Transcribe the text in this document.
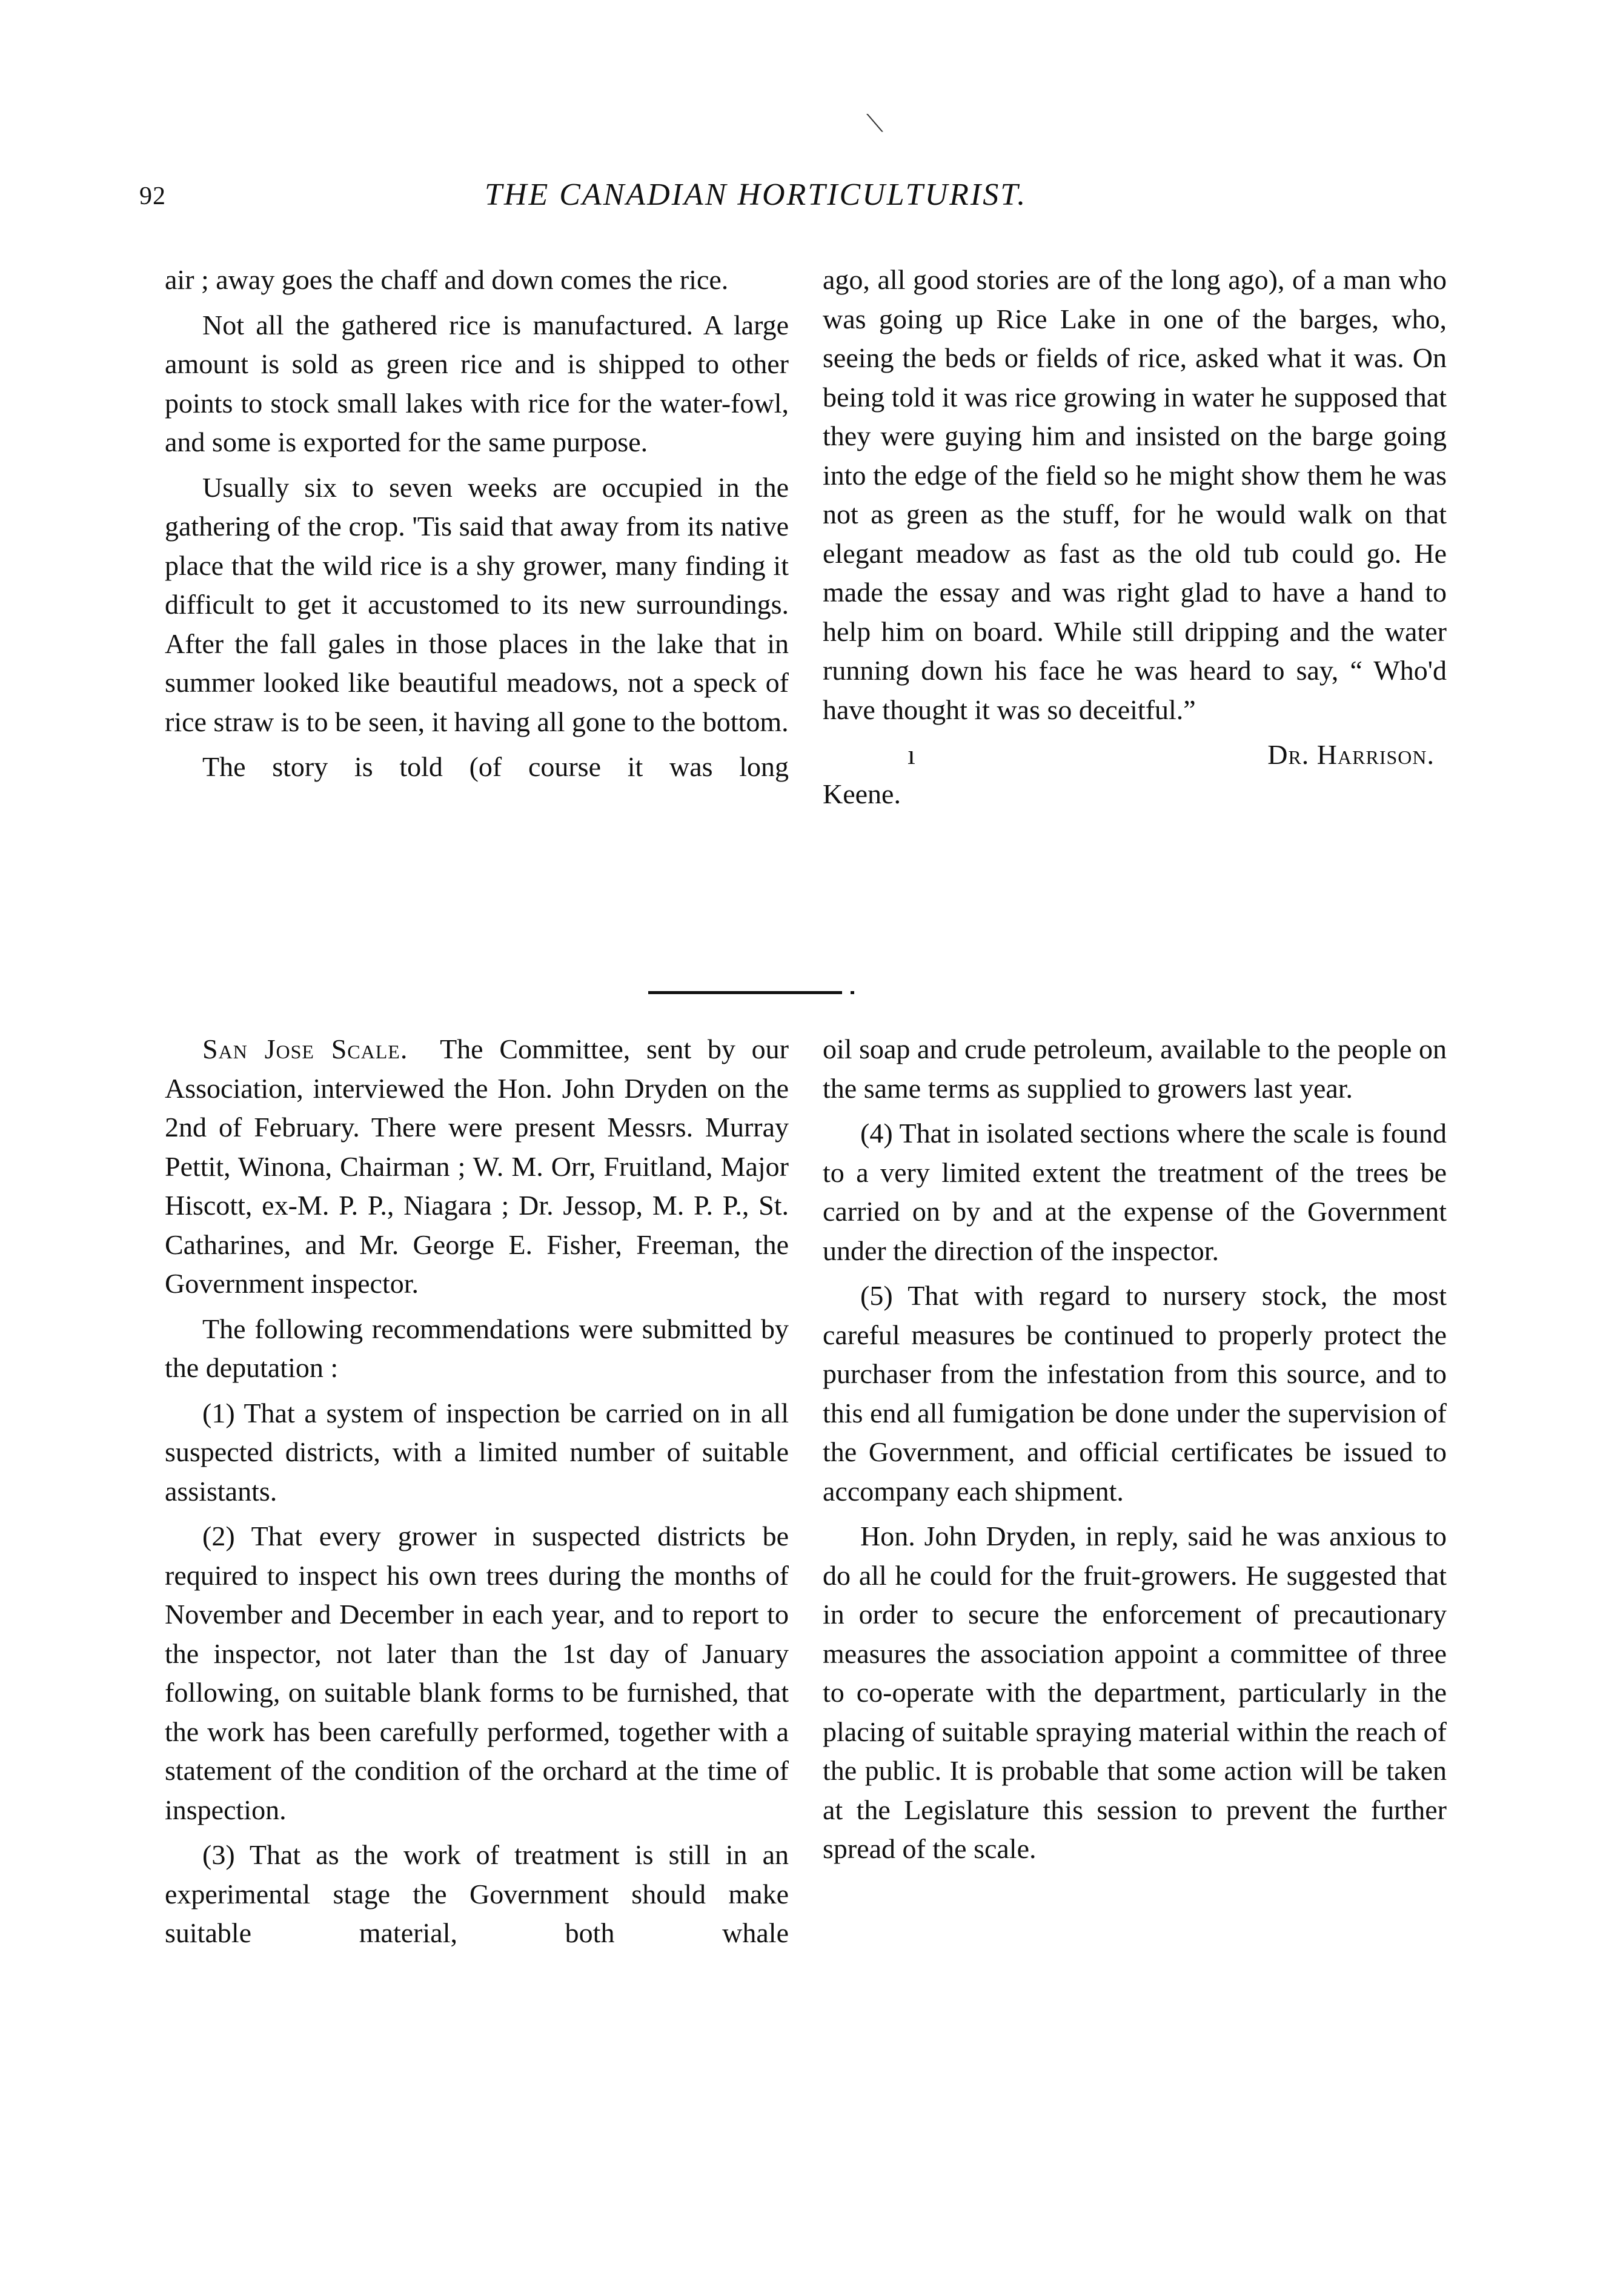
92	THE CANADIAN HORTICULTURIST.
⟍

air ; away goes the chaff and down comes the rice.

Not all the gathered rice is manufactured. A large amount is sold as green rice and is shipped to other points to stock small lakes with rice for the water-fowl, and some is exported for the same purpose.

Usually six to seven weeks are occupied in the gathering of the crop. 'Tis said that away from its native place that the wild rice is a shy grower, many finding it difficult to get it accustomed to its new surroundings. After the fall gales in those places in the lake that in summer looked like beautiful meadows, not a speck of rice straw is to be seen, it having all gone to the bottom.

The story is told (of course it was long

ago, all good stories are of the long ago), of a man who was going up Rice Lake in one of the barges, who, seeing the beds or fields of rice, asked what it was. On being told it was rice growing in water he supposed that they were guying him and insisted on the barge going into the edge of the field so he might show them he was not as green as the stuff, for he would walk on that elegant meadow as fast as the old tub could go. He made the essay and was right glad to have a hand to help him on board. While still dripping and the water running down his face he was heard to say, “ Who'd have thought it was so deceitful.”

ı	Dr. Harrison.

Keene.

San Jose Scale. The Committee, sent by our Association, interviewed the Hon. John Dryden on the 2nd of February. There were present Messrs. Murray Pettit, Winona, Chairman ; W. M. Orr, Fruitland, Major Hiscott, ex-M. P. P., Niagara ; Dr. Jessop, M. P. P., St. Catharines, and Mr. George E. Fisher, Freeman, the Government inspector.

The following recommendations were submitted by the deputation :

(1) That a system of inspection be carried on in all suspected districts, with a limited number of suitable assistants.

(2) That every grower in suspected districts be required to inspect his own trees during the months of November and December in each year, and to report to the inspector, not later than the 1st day of January following, on suitable blank forms to be furnished, that the work has been carefully performed, together with a statement of the condition of the orchard at the time of inspection.

(3) That as the work of treatment is still in an experimental stage the Government should make suitable material, both whale

oil soap and crude petroleum, available to the people on the same terms as supplied to growers last year.

(4) That in isolated sections where the scale is found to a very limited extent the treatment of the trees be carried on by and at the expense of the Government under the direction of the inspector.

(5) That with regard to nursery stock, the most careful measures be continued to properly protect the purchaser from the infestation from this source, and to this end all fumigation be done under the supervision of the Government, and official certificates be issued to accompany each shipment.

Hon. John Dryden, in reply, said he was anxious to do all he could for the fruit-growers. He suggested that in order to secure the enforcement of precautionary measures the association appoint a committee of three to co-operate with the department, particularly in the placing of suitable spraying material within the reach of the public. It is probable that some action will be taken at the Legislature this session to prevent the further spread of the scale.
